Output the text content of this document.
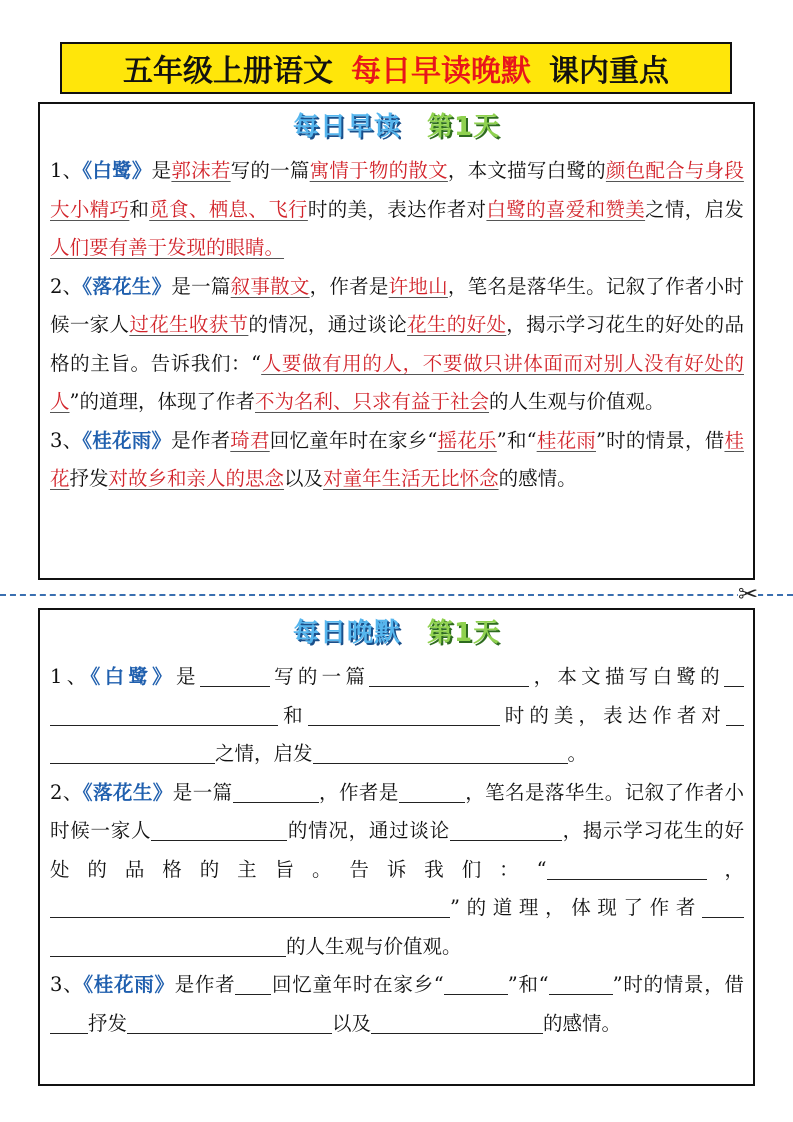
五年级上册语文 每日早读晚默 课内重点
每日早读 第1天

1、《白鹭》是郭沫若写的一篇寓情于物的散文，本文描写白鹭的颜色配合与身段大小精巧和觅食、栖息、飞行时的美，表达作者对白鹭的喜爱和赞美之情，启发人们要有善于发现的眼睛。

2、《落花生》是一篇叙事散文，作者是许地山，笔名是落华生。记叙了作者小时候一家人过花生收获节的情况，通过谈论花生的好处，揭示学习花生的好处的品格的主旨。告诉我们：“人要做有用的人，不要做只讲体面而对别人没有好处的人”的道理，体现了作者不为名利、只求有益于社会的人生观与价值观。

3、《桂花雨》是作者琦君回忆童年时在家乡“摇花乐”和“桂花雨”时的情景，借桂花抒发对故乡和亲人的思念以及对童年生活无比怀念的感情。

✂
每日晚默 第1天

1、《白鹭》是	写的一篇	，本文描写白鹭的和	时的美，表达作者对之情，启发	。

2、《落花生》是一篇	，作者是	，笔名是落华生。记叙了作者小时候一家人	的情况，通过谈论	，揭示学习花生的好处的品格的主旨。告诉我们：“	，”的道理，体现了作者的人生观与价值观。

3、《桂花雨》是作者 回忆童年时在家乡“	”和“	”时的情景，借抒发	以及	的感情。
